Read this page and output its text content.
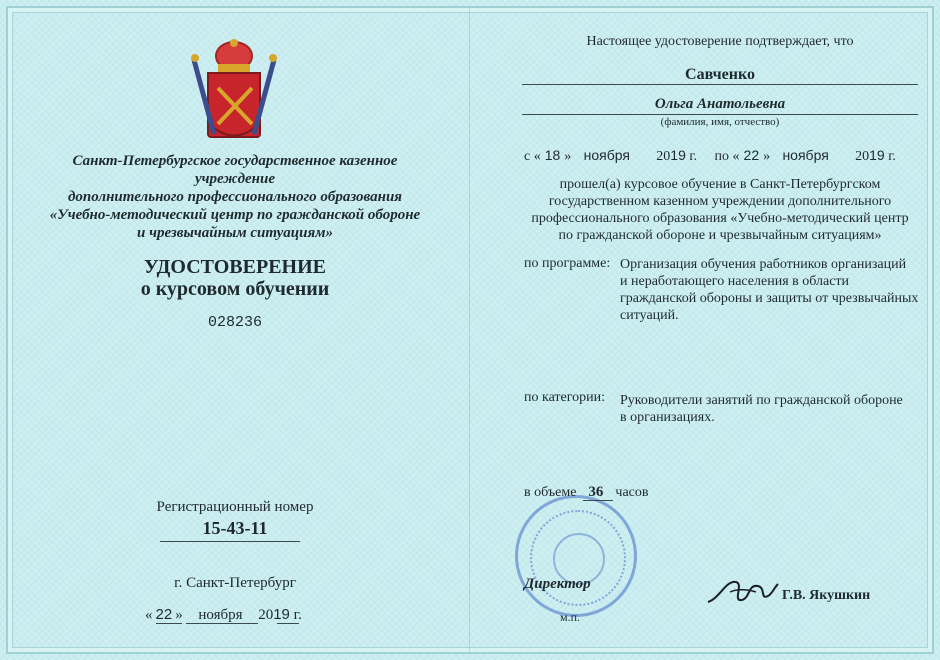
Санкт-Петербургское государственное казенное учреждение
дополнительного профессионального образования
«Учебно-методический центр по гражданской обороне
и чрезвычайным ситуациям»
УДОСТОВЕРЕНИЕ
о курсовом обучении
028236
Регистрационный номер
15-43-11
г. Санкт-Петербург
« 22 » ноября 2019 г.
Настоящее удостоверение подтверждает, что
Савченко
Ольга Анатольевна
(фамилия, имя, отчество)
с « 18 » ноября 2019 г. по « 22 » ноября 2019 г.
прошел(а) курсовое обучение в Санкт-Петербургском
государственном казенном учреждении дополнительного
профессионального образования «Учебно-методический центр
по гражданской обороне и чрезвычайным ситуациям»
по программе: Организация обучения работников организаций
и неработающего населения в области
гражданской обороны и защиты от чрезвычайных
ситуаций.
по категории: Руководители занятий по гражданской обороне
в организациях.
в объеме 36 часов
Директор
м.п.
Г.В. Якушкин
